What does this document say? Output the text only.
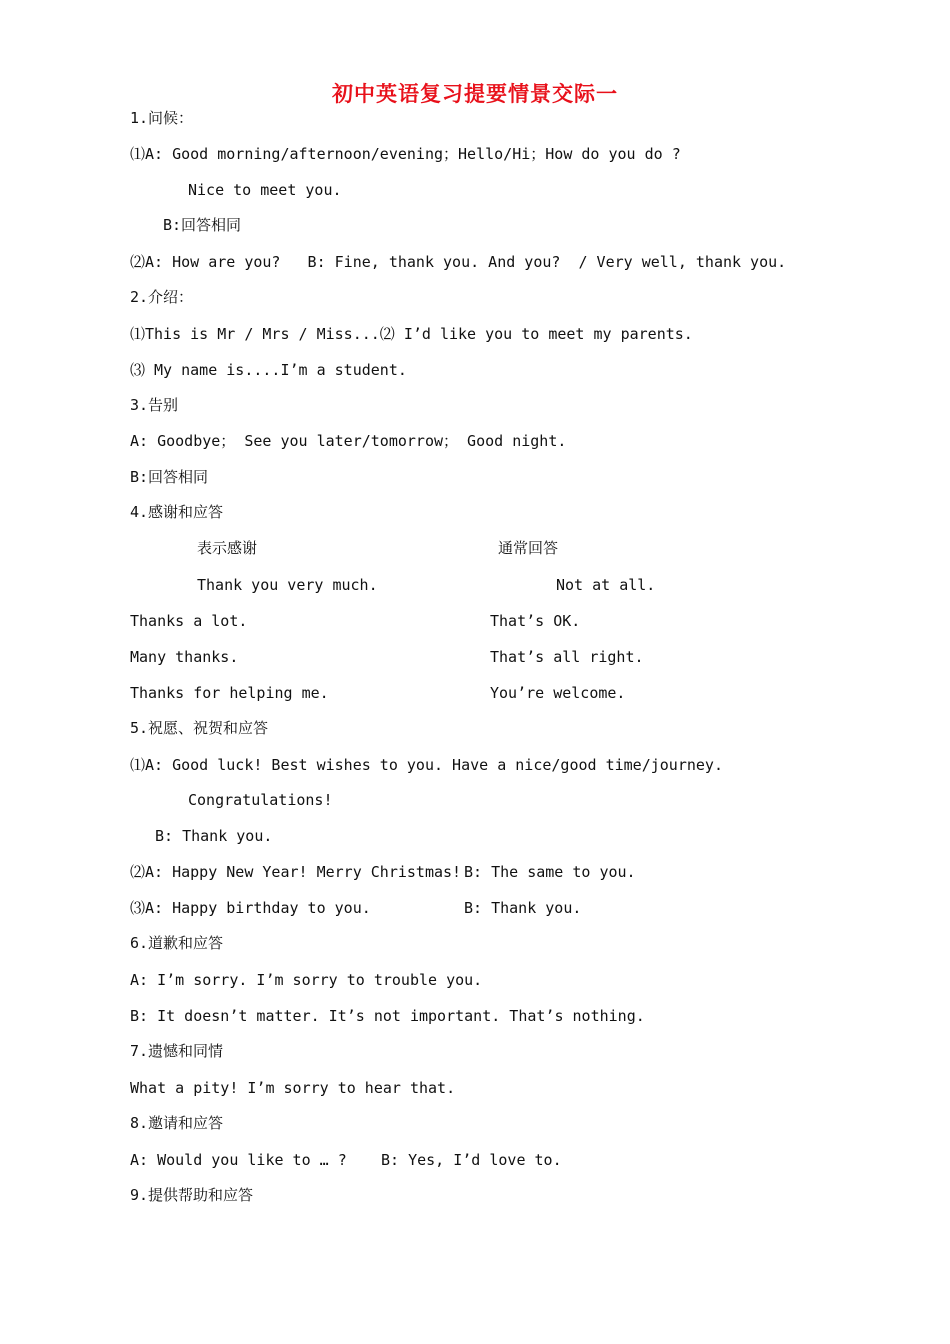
初中英语复习提要情景交际一
1.问候：
⑴A: Good morning/afternoon/evening；Hello/Hi；How do you do ?
Nice to meet you.
B:回答相同
⑵A: How are you?   B: Fine, thank you. And you?  / Very well, thank you.
2.介绍：
⑴This is Mr / Mrs / Miss...⑵ I’d like you to meet my parents.
⑶ My name is....I’m a student.
3.告别
A: Goodbye； See you later/tomorrow； Good night.
B:回答相同
4.感谢和应答
表示感谢	通常回答
Thank you very much.	Not at all.
Thanks a lot.	That’s OK.
Many thanks.	That’s all right.
Thanks for helping me.	You’re welcome.
5.祝愿、祝贺和应答
⑴A: Good luck! Best wishes to you. Have a nice/good time/journey.
Congratulations!
B: Thank you.
⑵A: Happy New Year! Merry Christmas! B: The same to you.
⑶A: Happy birthday to you.	B: Thank you.
6.道歉和应答
A: I’m sorry. I’m sorry to trouble you.
B: It doesn’t matter. It’s not important. That’s nothing.
7.遗憾和同情
What a pity! I’m sorry to hear that.
8.邀请和应答
A: Would you like to … ? B: Yes, I’d love to.
9.提供帮助和应答
